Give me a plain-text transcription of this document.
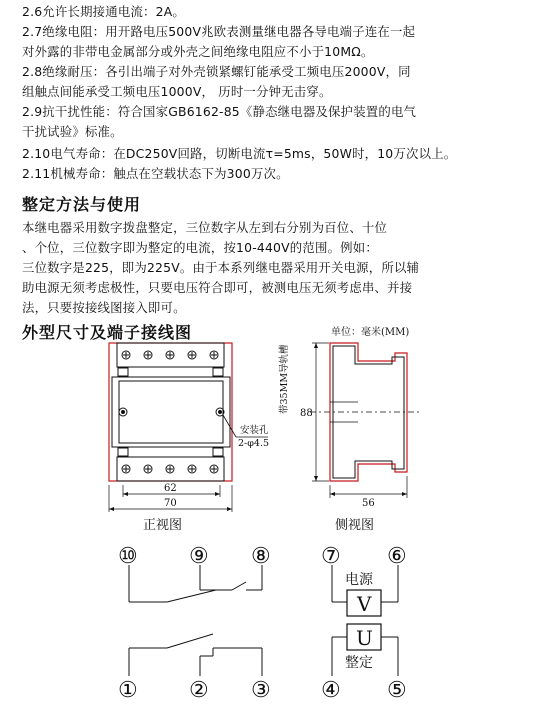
2.6允许长期接通电流：2A。
2.7绝缘电阻：用开路电压500V兆欧表测量继电器各导电端子连在一起
对外露的非带电金属部分或外壳之间绝缘电阻应不小于10MΩ。
2.8绝缘耐压：各引出端子对外壳锁紧螺钉能承受工频电压2000V，同
组触点间能承受工频电压1000V， 历时一分钟无击穿。
2.9抗干扰性能：符合国家GB6162-85《静态继电器及保护装置的电气
干扰试验》标准。
2.10电气寿命：在DC250V回路，切断电流τ=5ms，50W时，10万次以上。
2.11机械寿命：触点在空载状态下为300万次。
整定方法与使用
本继电器采用数字拨盘整定，三位数字从左到右分别为百位、十位
、个位，三位数字即为整定的电流，按10-440V的范围。例如：
三位数字是225，即为225V。由于本系列继电器采用开关电源，所以辅
助电源无须考虑极性，只要电压符合即可，被测电压无须考虑串、并接
法，只要按接线图接入即可。
外型尺寸及端子接线图	单位：毫米(MM)
带35MM导轨槽
安装孔
2-φ4.5
62
70
88
56
正视图	侧视图
⑩ ⑨ ⑧ ⑦ ⑥
① ② ③ ④ ⑤
电源
V
U
整定
